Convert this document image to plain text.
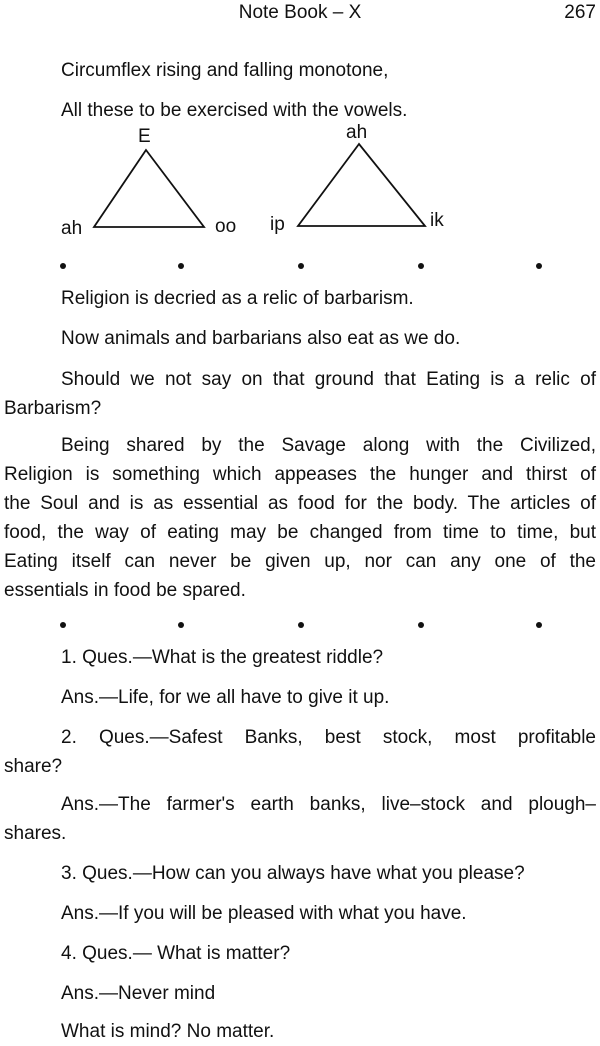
Note Book – X	267
Circumflex rising and falling monotone,
All these to be exercised with the vowels.
E
ah	oo
ah
ip	ik
Religion is decried as a relic of barbarism.
Now animals and barbarians also eat as we do.
Should we not say on that ground that Eating is a relic of
Barbarism?
Being shared by the Savage along with the Civilized,
Religion is something which appeases the hunger and thirst of
the Soul and is as essential as food for the body. The articles of
food, the way of eating may be changed from time to time, but
Eating itself can never be given up, nor can any one of the
essentials in food be spared.
1. Ques.—What is the greatest riddle?
Ans.—Life, for we all have to give it up.
2. Ques.—Safest Banks, best stock, most profitable
share?
Ans.—The farmer's earth banks, live–stock and plough–
shares.
3. Ques.—How can you always have what you please?
Ans.—If you will be pleased with what you have.
4. Ques.— What is matter?
Ans.—Never mind
What is mind? No matter.
